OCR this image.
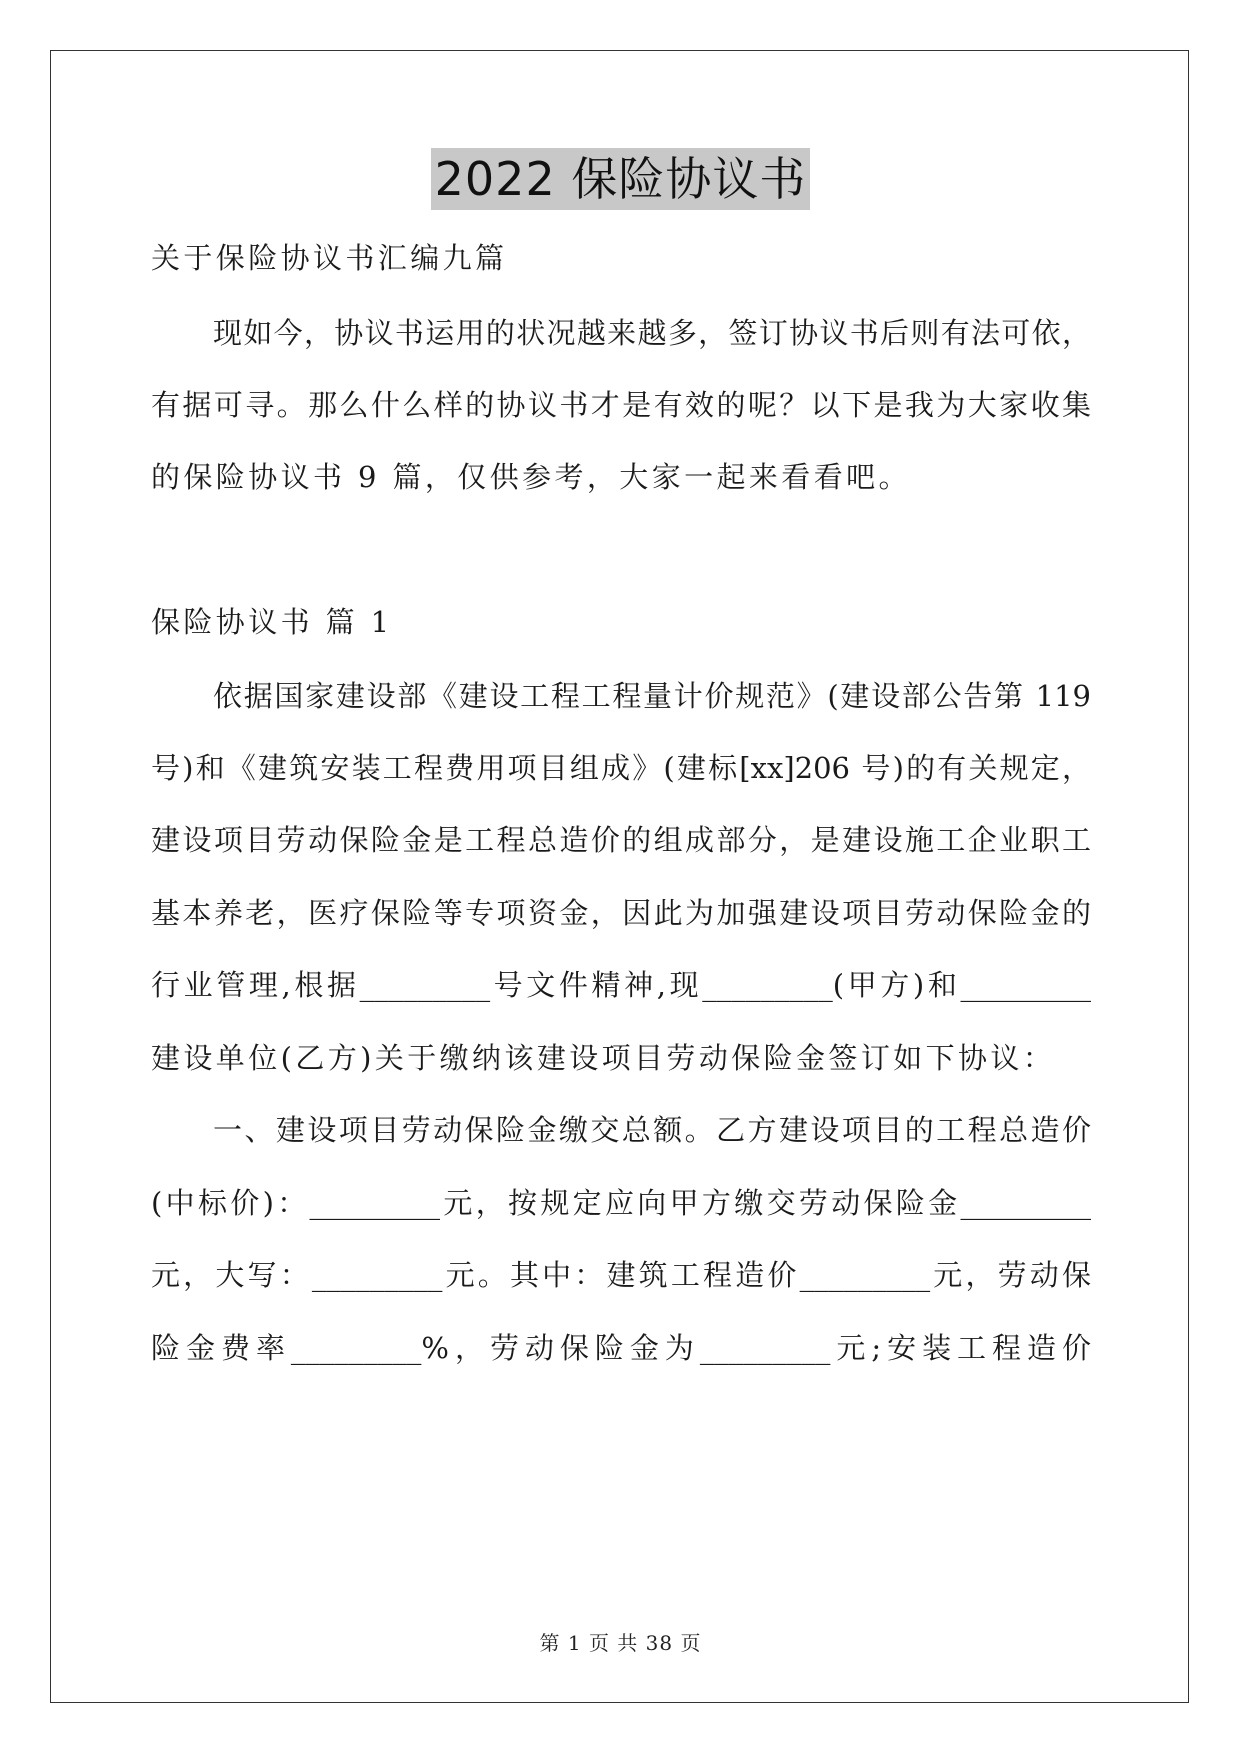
2022 保险协议书
关于保险协议书汇编九篇
现如今，协议书运用的状况越来越多，签订协议书后则有法可依，
有据可寻。那么什么样的协议书才是有效的呢？以下是我为大家收集
的保险协议书 9 篇，仅供参考，大家一起来看看吧。
保险协议书 篇 1
依据国家建设部《建设工程工程量计价规范》(建设部公告第 119
号)和《建筑安装工程费用项目组成》(建标[xx]206 号)的有关规定，
建设项目劳动保险金是工程总造价的组成部分，是建设施工企业职工
基本养老，医疗保险等专项资金，因此为加强建设项目劳动保险金的
行业管理,根据_________号文件精神,现_________(甲方)和_________
建设单位(乙方)关于缴纳该建设项目劳动保险金签订如下协议：
一、建设项目劳动保险金缴交总额。乙方建设项目的工程总造价
(中标价)：_________元，按规定应向甲方缴交劳动保险金_________
元，大写：_________元。其中：建筑工程造价_________元，劳动保
险金费率_________%，劳动保险金为_________元;安装工程造价
第 1 页 共 38 页
